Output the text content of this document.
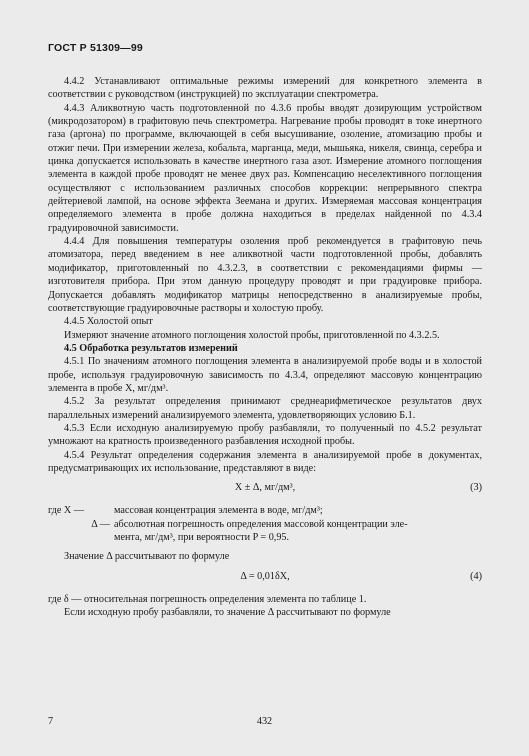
ГОСТ Р 51309—99

4.4.2 Устанавливают оптимальные режимы измерений для конкретного элемента в соответствии с руководством (инструкцией) по эксплуатации спектрометра.

4.4.3 Аликвотную часть подготовленной по 4.3.6 пробы вводят дозирующим устройством (микродозатором) в графитовую печь спектрометра. Нагревание пробы проводят в токе инертного газа (аргона) по программе, включающей в себя высушивание, озоление, атомизацию пробы и отжиг печи. При измерении железа, кобальта, марганца, меди, мышьяка, никеля, свинца, серебра и цинка допускается использовать в качестве инертного газа азот. Измерение атомного поглощения элемента в каждой пробе проводят не менее двух раз. Компенсацию неселективного поглощения осуществляют с использованием различных способов коррекции: непрерывного спектра дейтериевой лампой, на основе эффекта Зеемана и других. Измеряемая массовая концентрация определяемого элемента в пробе должна находиться в пределах найденной по 4.3.4 градуировочной зависимости.

4.4.4 Для повышения температуры озоления проб рекомендуется в графитовую печь атомизатора, перед введением в нее аликвотной части подготовленной пробы, добавлять модификатор, приготовленный по 4.3.2.3, в соответствии с рекомендациями фирмы — изготовителя прибора. При этом данную процедуру проводят и при градуировке прибора. Допускается добавлять модификатор матрицы непосредственно в анализируемые пробы, соответствующие градуировочные растворы и холостую пробу.

4.4.5 Холостой опыт

Измеряют значение атомного поглощения холостой пробы, приготовленной по 4.3.2.5.

4.5 Обработка результатов измерений

4.5.1 По значениям атомного поглощения элемента в анализируемой пробе воды и в холостой пробе, используя градуировочную зависимость по 4.3.4, определяют массовую концентрацию элемента в пробе X, мг/дм³.

4.5.2 За результат определения принимают среднеарифметическое результатов двух параллельных измерений анализируемого элемента, удовлетворяющих условию Б.1.

4.5.3 Если исходную анализируемую пробу разбавляли, то полученный по 4.5.2 результат умножают на кратность произведенного разбавления исходной пробы.

4.5.4 Результат определения содержания элемента в анализируемой пробе в документах, предусматривающих их использование, представляют в виде:

X ± Δ, мг/дм³,	(3)
где X —	массовая концентрация элемента в воде, мг/дм³;
Δ — абсолютная погрешность определения массовой концентрации эле-
мента, мг/дм³, при вероятности P = 0,95.

Значение Δ рассчитывают по формуле

Δ = 0,01δX,	(4)

где δ — относительная погрешность определения элемента по таблице 1.

Если исходную пробу разбавляли, то значение Δ рассчитывают по формуле

7	432
